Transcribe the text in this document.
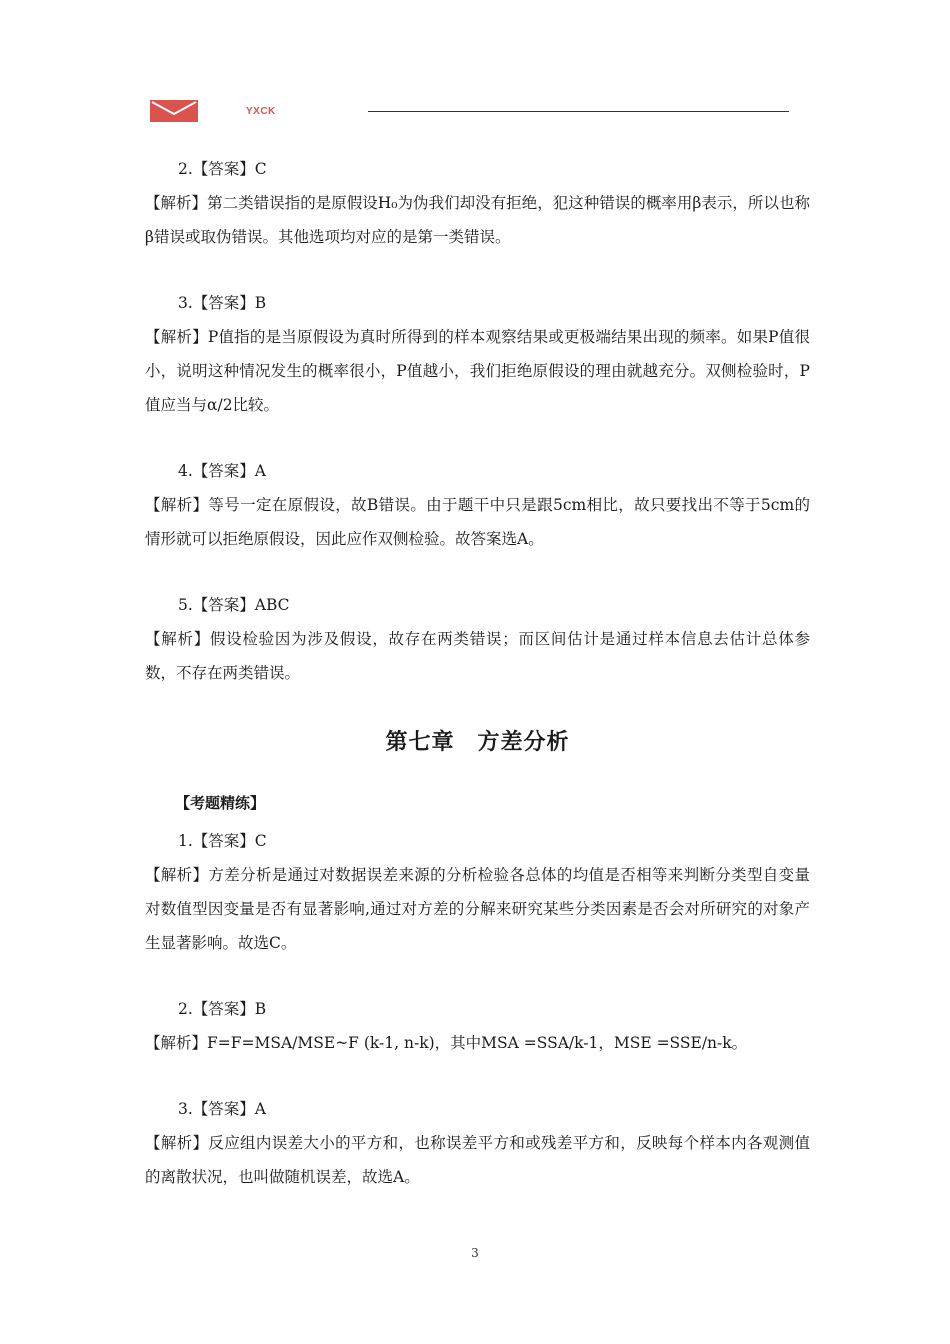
YXCK

2.【答案】C

【解析】第二类错误指的是原假设H₀为伪我们却没有拒绝，犯这种错误的概率用β表示，所以也称β错误或取伪错误。其他选项均对应的是第一类错误。

3.【答案】B

【解析】P值指的是当原假设为真时所得到的样本观察结果或更极端结果出现的频率。如果P值很小，说明这种情况发生的概率很小，P值越小，我们拒绝原假设的理由就越充分。双侧检验时，P值应当与α/2比较。

4.【答案】A

【解析】等号一定在原假设，故B错误。由于题干中只是跟5cm相比，故只要找出不等于5cm的情形就可以拒绝原假设，因此应作双侧检验。故答案选A。

5.【答案】ABC

【解析】假设检验因为涉及假设，故存在两类错误；而区间估计是通过样本信息去估计总体参数，不存在两类错误。

第七章　方差分析

【考题精练】

1.【答案】C

【解析】方差分析是通过对数据误差来源的分析检验各总体的均值是否相等来判断分类型自变量对数值型因变量是否有显著影响,通过对方差的分解来研究某些分类因素是否会对所研究的对象产生显著影响。故选C。

2.【答案】B

【解析】F=F=MSA/MSE~F (k-1, n-k)，其中MSA =SSA/k-1，MSE =SSE/n-k。

3.【答案】A

【解析】反应组内误差大小的平方和，也称误差平方和或残差平方和，反映每个样本内各观测值的离散状况，也叫做随机误差，故选A。

3
